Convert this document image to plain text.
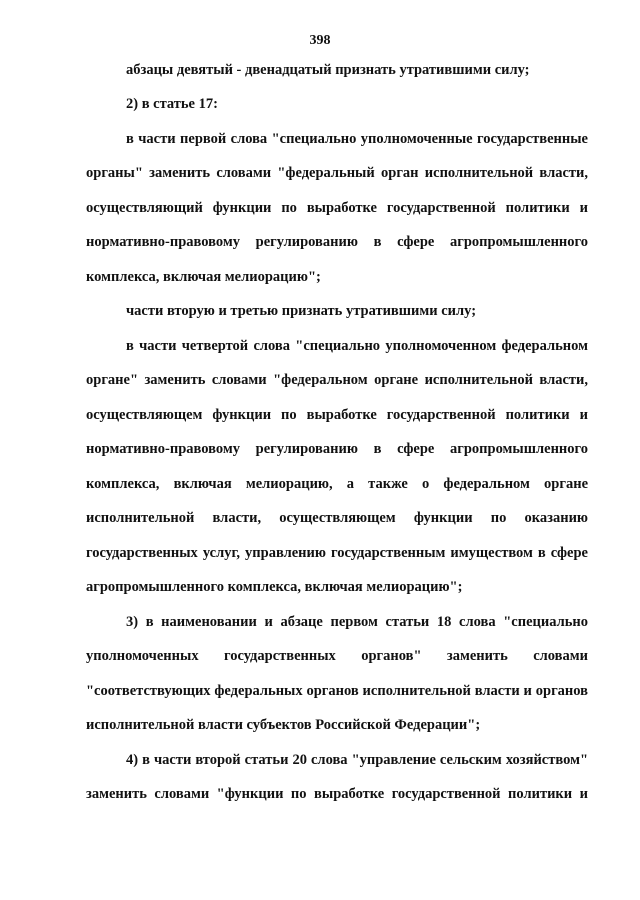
398
абзацы девятый - двенадцатый признать утратившими силу;
2) в статье 17:
в части первой слова "специально уполномоченные государственные
органы" заменить словами "федеральный орган исполнительной власти,
осуществляющий функции по выработке государственной политики и
нормативно-правовому регулированию в сфере агропромышленного
комплекса, включая мелиорацию";
части вторую и третью признать утратившими силу;
в части четвертой слова "специально уполномоченном федеральном
органе" заменить словами "федеральном органе исполнительной власти,
осуществляющем функции по выработке государственной политики и
нормативно-правовому регулированию в сфере агропромышленного
комплекса, включая мелиорацию, а также о федеральном органе
исполнительной власти, осуществляющем функции по оказанию
государственных услуг, управлению государственным имуществом в сфере
агропромышленного комплекса, включая мелиорацию";
3) в наименовании и абзаце первом статьи 18 слова "специально
уполномоченных государственных органов" заменить словами
"соответствующих федеральных органов исполнительной власти и органов
исполнительной власти субъектов Российской Федерации";
4) в части второй статьи 20 слова "управление сельским хозяйством"
заменить словами "функции по выработке государственной политики и
